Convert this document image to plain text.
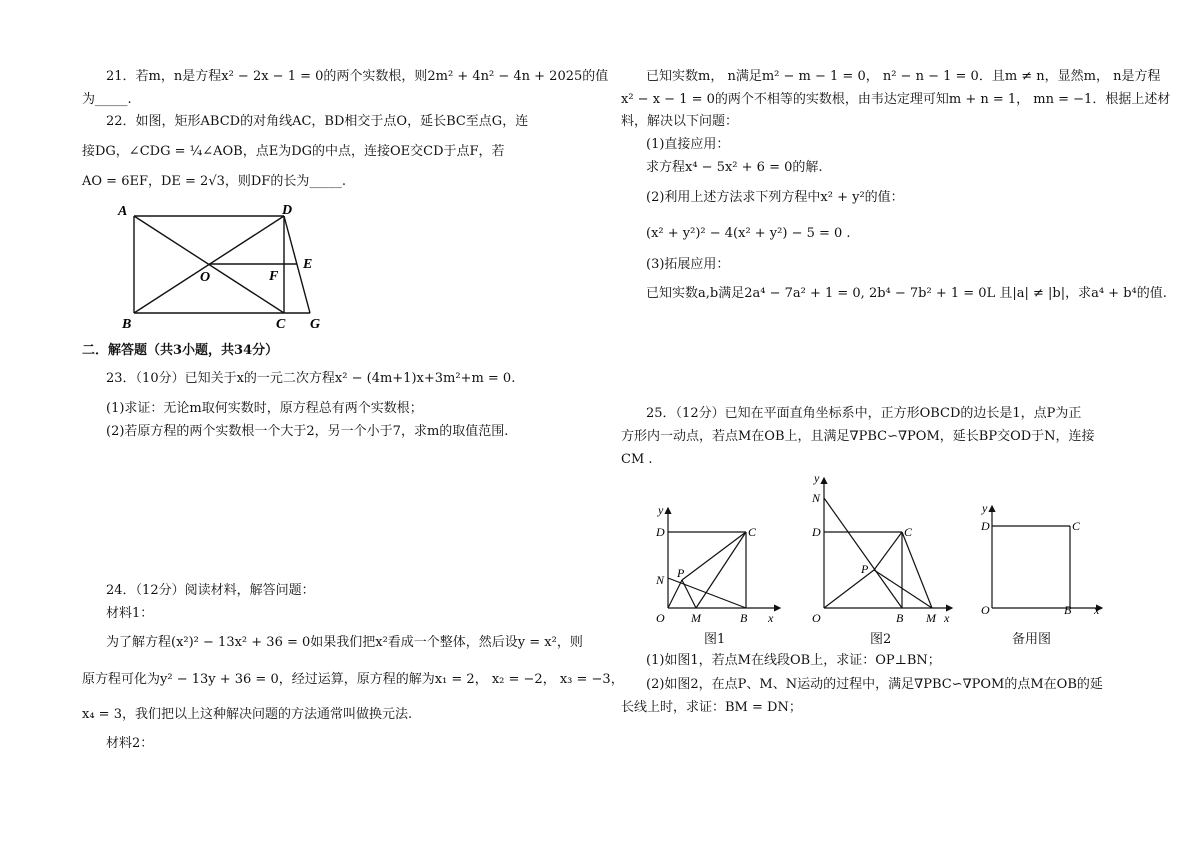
21．若m，n是方程x² − 2x − 1 = 0的两个实数根，则2m² + 4n² − 4n + 2025的值
为_____.
22．如图，矩形ABCD的对角线AC，BD相交于点O，延长BC至点G，连
接DG，∠CDG = ¼∠AOB，点E为DG的中点，连接OE交CD于点F，若
AO = 6EF，DE = 2√3，则DF的长为_____.
A	D
E
O	F
B	C G
二．解答题（共3小题，共34分）
23．（10分）已知关于x的一元二次方程x² − (4m+1)x+3m²+m = 0.
(1)求证：无论m取何实数时，原方程总有两个实数根；
(2)若原方程的两个实数根一个大于2，另一个小于7，求m的取值范围.
24．（12分）阅读材料，解答问题：
材料1：
为了解方程(x²)² − 13x² + 36 = 0如果我们把x²看成一个整体，然后设y = x²，则
原方程可化为y² − 13y + 36 = 0，经过运算，原方程的解为x₁ = 2， x₂ = −2， x₃ = −3，
x₄ = 3，我们把以上这种解决问题的方法通常叫做换元法.
材料2：
已知实数m， n满足m² − m − 1 = 0， n² − n − 1 = 0．且m ≠ n，显然m， n是方程
x² − x − 1 = 0的两个不相等的实数根，由韦达定理可知m + n = 1， mn = −1．根据上述材
料，解决以下问题：
(1)直接应用：
求方程x⁴ − 5x² + 6 = 0的解.
(2)利用上述方法求下列方程中x² + y²的值：
(x² + y²)² − 4(x² + y²) − 5 = 0 .
(3)拓展应用：
已知实数a,b满足2a⁴ − 7a² + 1 = 0, 2b⁴ − 7b² + 1 = 0L 且|a| ≠ |b|，求a⁴ + b⁴的值.
25．（12分）已知在平面直角坐标系中，正方形OBCD的边长是1，点P为正
方形内一动点，若点M在OB上，且满足∇PBC∽∇POM，延长BP交OD于N，连接
CM .
y
D	C
N P
O M	B x
图1
y
N
D	C
P
O	B M x
图2
y
D	C
O	B x
备用图
(1)如图1，若点M在线段OB上，求证：OP⊥BN；
(2)如图2，在点P、M、N运动的过程中，满足∇PBC∽∇POM的点M在OB的延
长线上时，求证：BM = DN；
